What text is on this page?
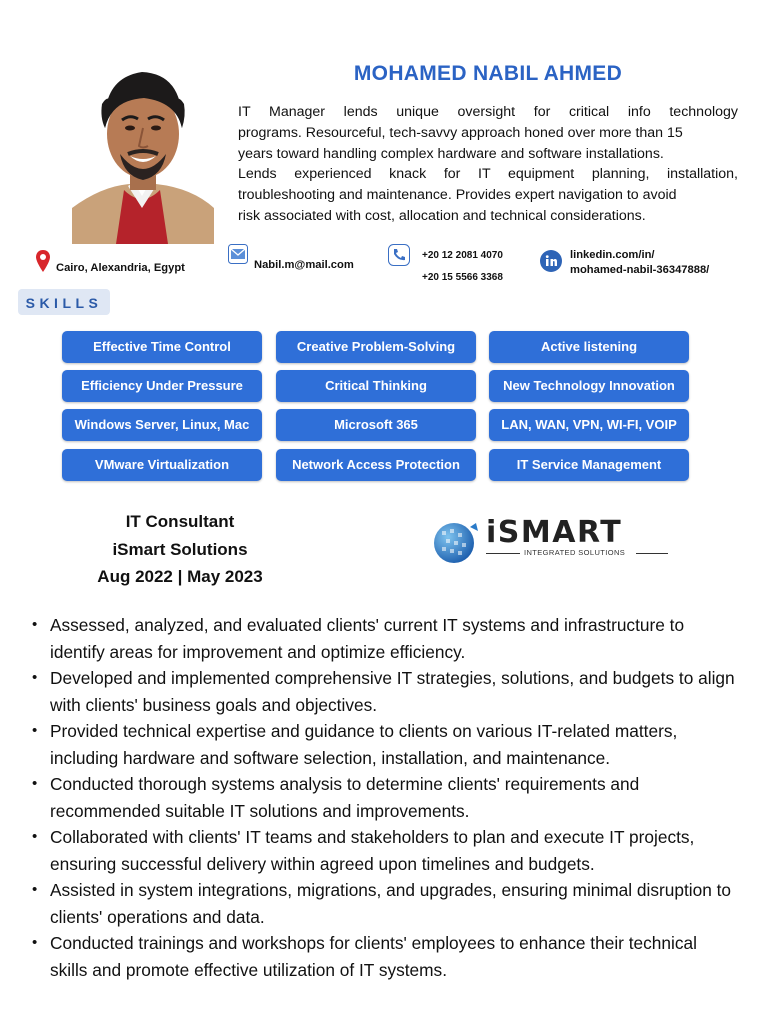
MOHAMED NABIL AHMED

IT Manager lends unique oversight for critical info technology

programs. Resourceful, tech-savvy approach honed over more than 15

years toward handling complex hardware and software installations.

Lends experienced knack for IT equipment planning, installation,

troubleshooting and maintenance. Provides expert navigation to avoid

risk associated with cost, allocation and technical considerations.

Cairo, Alexandria, Egypt	Nabil.m@mail.com
+20 12 2081 4070
+20 15 5566 3368
linkedin.com/in/
mohamed-nabil-36347888/
SKILLS
Effective Time Control	Creative Problem-Solving	Active listening
Efficiency Under Pressure	Critical Thinking	New Technology Innovation
Windows Server, Linux, Mac	Microsoft 365	LAN, WAN, VPN, WI-FI, VOIP
VMware Virtualization	Network Access Protection	IT Service Management
IT Consultant
iSmart Solutions
Aug 2022 | May 2023
iSMART
INTEGRATED SOLUTIONS
• Assessed, analyzed, and evaluated clients' current IT systems and infrastructure to identify areas for improvement and optimize efficiency.
• Developed and implemented comprehensive IT strategies, solutions, and budgets to align with clients' business goals and objectives.
• Provided technical expertise and guidance to clients on various IT-related matters, including hardware and software selection, installation, and maintenance.
• Conducted thorough systems analysis to determine clients' requirements and recommended suitable IT solutions and improvements.
• Collaborated with clients' IT teams and stakeholders to plan and execute IT projects, ensuring successful delivery within agreed upon timelines and budgets.
• Assisted in system integrations, migrations, and upgrades, ensuring minimal disruption to clients' operations and data.
• Conducted trainings and workshops for clients' employees to enhance their technical skills and promote effective utilization of IT systems.
